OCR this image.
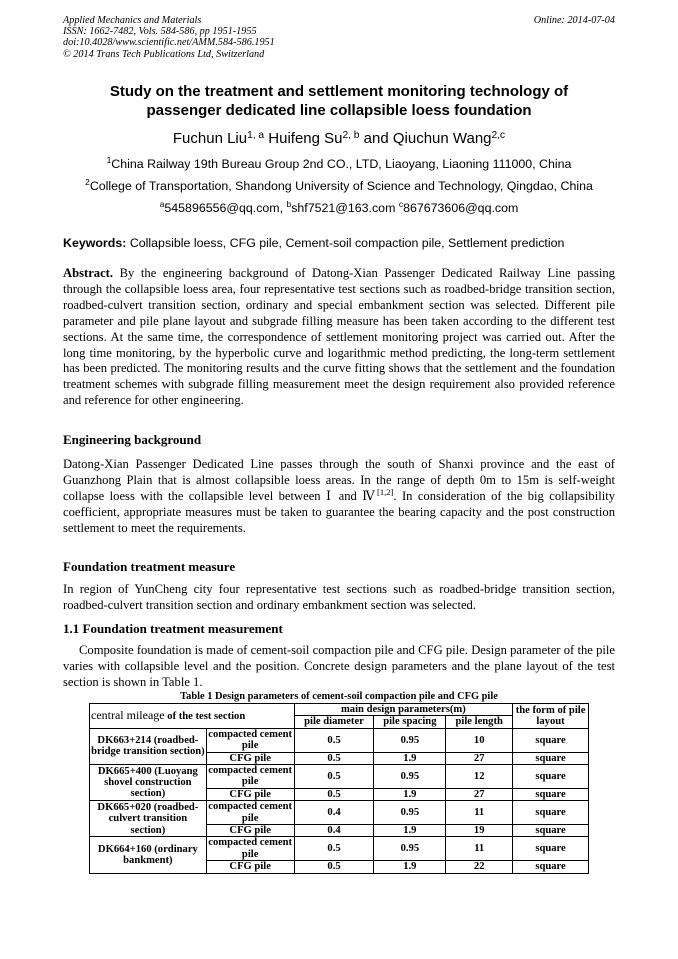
Applied Mechanics and Materials
ISSN: 1662-7482, Vols. 584-586, pp 1951-1955
doi:10.4028/www.scientific.net/AMM.584-586.1951
© 2014 Trans Tech Publications Ltd, Switzerland
Online: 2014-07-04
Study on the treatment and settlement monitoring technology of
passenger dedicated line collapsible loess foundation
Fuchun Liu$^{1, a}$ Huifeng Su$^{2, b}$ and Qiuchun Wang$^{2,c}$
$^1$China Railway 19th Bureau Group 2nd CO., LTD, Liaoyang, Liaoning 111000, China
$^2$College of Transportation, Shandong University of Science and Technology, Qingdao, China
$^a$545896556@qq.com, $^b$shf7521@163.com $^c$867673606@qq.com
Keywords: Collapsible loess, CFG pile, Cement-soil compaction pile, Settlement prediction

Abstract. By the engineering background of Datong-Xian Passenger Dedicated Railway Line passing through the collapsible loess area, four representative test sections such as roadbed-bridge transition section, roadbed-culvert transition section, ordinary and special embankment section was selected. Different pile parameter and pile plane layout and subgrade filling measure has been taken according to the different test sections. At the same time, the correspondence of settlement monitoring project was carried out. After the long time monitoring, by the hyperbolic curve and logarithmic method predicting, the long-term settlement has been predicted. The monitoring results and the curve fitting shows that the settlement and the foundation treatment schemes with subgrade filling measurement meet the design requirement also provided reference and reference for other engineering.

Engineering background

Datong-Xian Passenger Dedicated Line passes through the south of Shanxi province and the east of Guanzhong Plain that is almost collapsible loess areas. In the range of depth 0m to 15m is self-weight collapse loess with the collapsible level between Ⅰ and Ⅳ[1,2]. In consideration of the big collapsibility coefficient, appropriate measures must be taken to guarantee the bearing capacity and the post construction settlement to meet the requirements.

Foundation treatment measure

In region of YunCheng city four representative test sections such as roadbed-bridge transition section, roadbed-culvert transition section and ordinary embankment section was selected.

1.1 Foundation treatment measurement

Composite foundation is made of cement-soil compaction pile and CFG pile. Design parameter of the pile varies with collapsible level and the position. Concrete design parameters and the plane layout of the test section is shown in Table 1.

Table 1 Design parameters of cement-soil compaction pile and CFG pile
central mileage of the test section		main design parameters(m)			the form of pile layout
		pile diameter	pile spacing	pile length	
DK663+214 (roadbed-bridge transition section)	compacted cement pile	0.5	0.95	10	square
	CFG pile	0.5	1.9	27	square
DK665+400 (Luoyang shovel construction section)	compacted cement pile	0.5	0.95	12	square
	CFG pile	0.5	1.9	27	square
DK665+020 (roadbed-culvert transition section)	compacted cement pile	0.4	0.95	11	square
	CFG pile	0.4	1.9	19	square
DK664+160 (ordinary bankment)	compacted cement pile	0.5	0.95	11	square
	CFG pile	0.5	1.9	22	square
